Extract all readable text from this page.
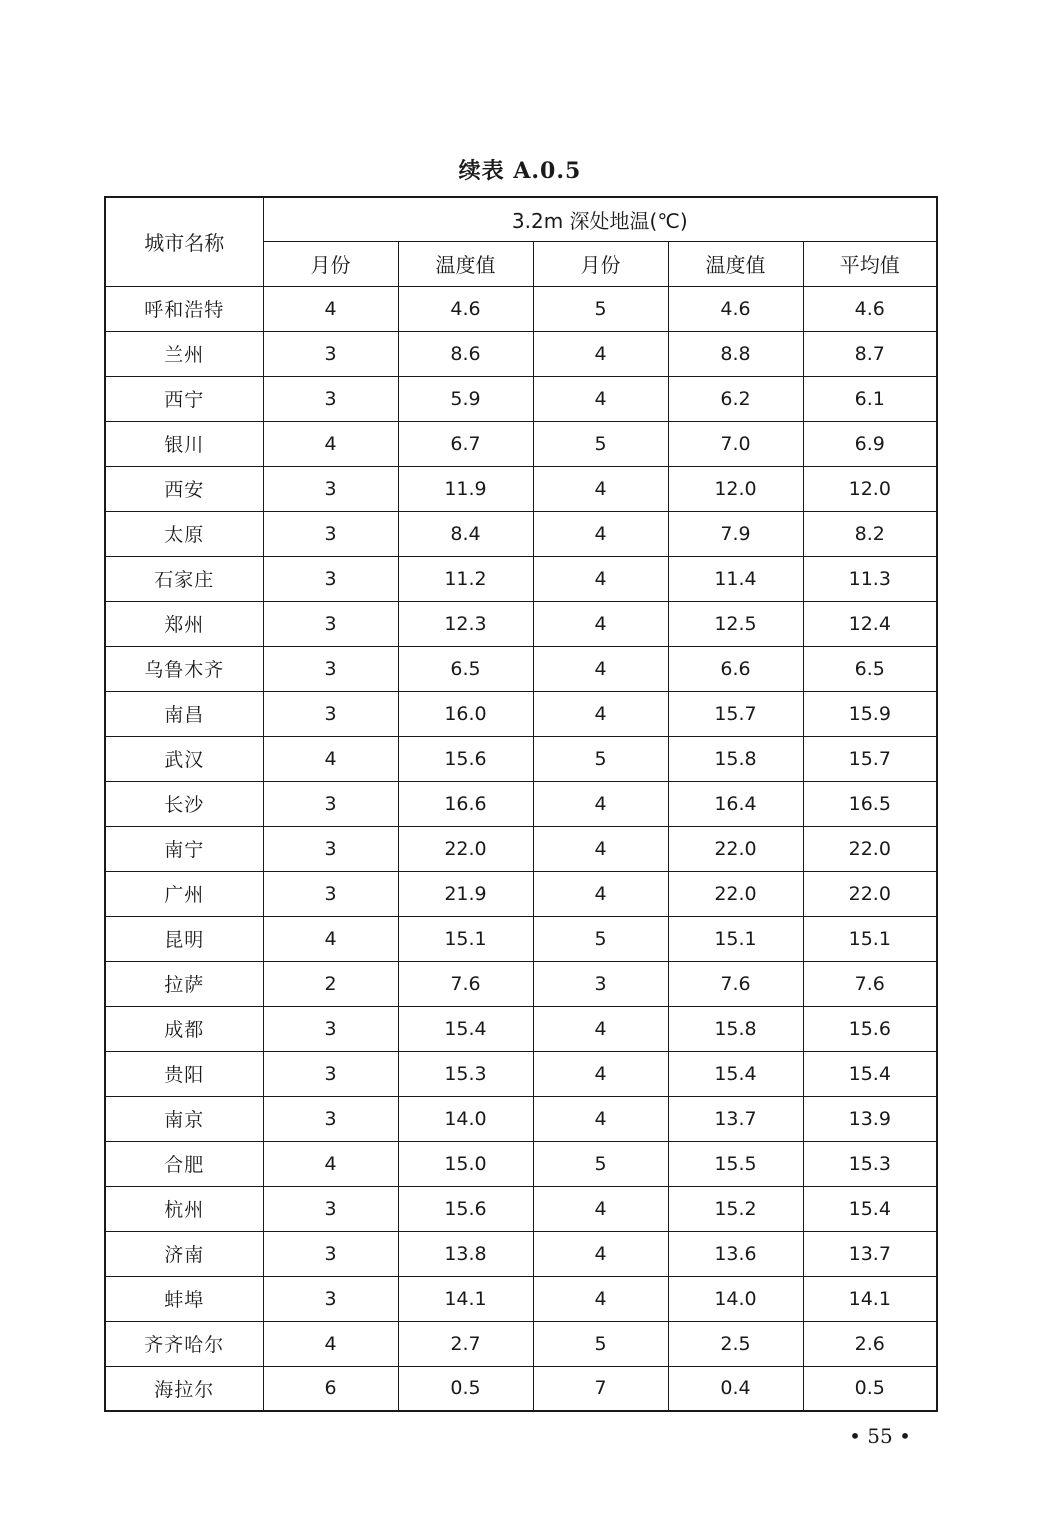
续表 A.0.5
城市名称	3.2m 深处地温(℃)				
	月份	温度值	月份	温度值	平均值
呼和浩特	4	4.6	5	4.6	4.6
兰州	3	8.6	4	8.8	8.7
西宁	3	5.9	4	6.2	6.1
银川	4	6.7	5	7.0	6.9
西安	3	11.9	4	12.0	12.0
太原	3	8.4	4	7.9	8.2
石家庄	3	11.2	4	11.4	11.3
郑州	3	12.3	4	12.5	12.4
乌鲁木齐	3	6.5	4	6.6	6.5
南昌	3	16.0	4	15.7	15.9
武汉	4	15.6	5	15.8	15.7
长沙	3	16.6	4	16.4	16.5
南宁	3	22.0	4	22.0	22.0
广州	3	21.9	4	22.0	22.0
昆明	4	15.1	5	15.1	15.1
拉萨	2	7.6	3	7.6	7.6
成都	3	15.4	4	15.8	15.6
贵阳	3	15.3	4	15.4	15.4
南京	3	14.0	4	13.7	13.9
合肥	4	15.0	5	15.5	15.3
杭州	3	15.6	4	15.2	15.4
济南	3	13.8	4	13.6	13.7
蚌埠	3	14.1	4	14.0	14.1
齐齐哈尔	4	2.7	5	2.5	2.6
海拉尔	6	0.5	7	0.4	0.5
• 55 •
